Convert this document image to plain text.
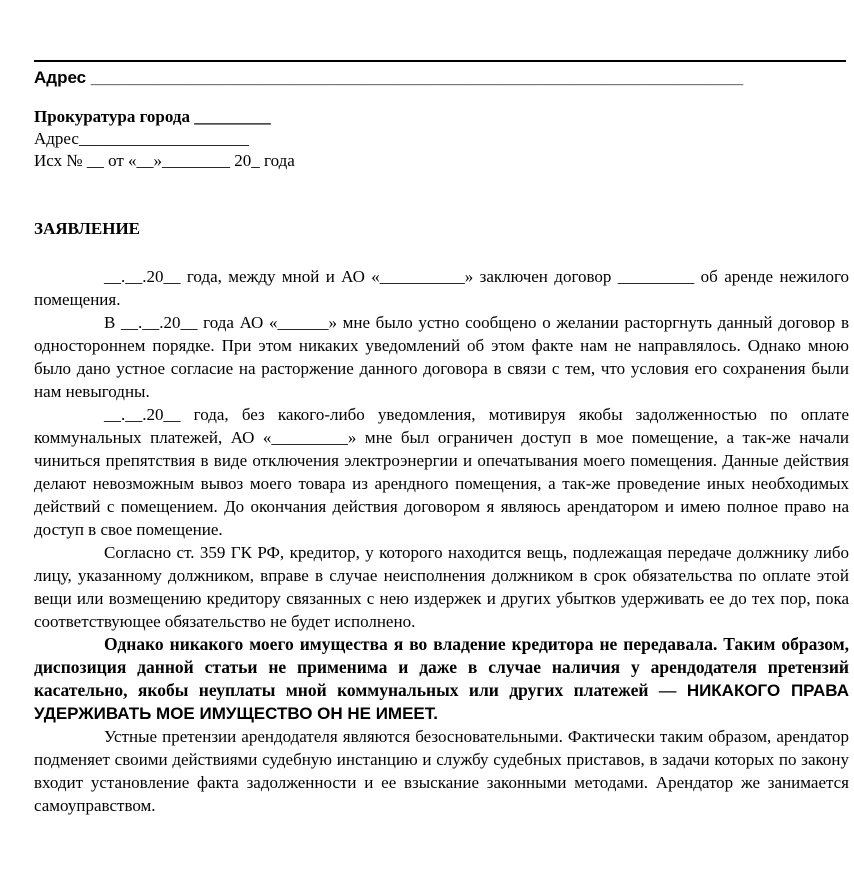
Адрес _____________________________________________________________________
Прокуратура города _________
Адрес____________________
Исх № __ от «__»________ 20_ года
ЗАЯВЛЕНИЕ

__.__.20__ года, между мной и АО «__________» заключен договор _________ об аренде нежилого помещения.

В __.__.20__ года АО «______» мне было устно сообщено о желании расторгнуть данный договор в одностороннем порядке. При этом никаких уведомлений об этом факте нам не направлялось. Однако мною было дано устное согласие на расторжение данного договора в связи с тем, что условия его сохранения были нам невыгодны.

__.__.20__ года, без какого-либо уведомления, мотивируя якобы задолженностью по оплате коммунальных платежей, АО «_________» мне был ограничен доступ в мое помещение, а так-же начали чиниться препятствия в виде отключения электроэнергии и опечатывания моего помещения. Данные действия делают невозможным вывоз моего товара из арендного помещения, а так-же проведение иных необходимых действий с помещением. До окончания действия договором я являюсь арендатором и имею полное право на доступ в свое помещение.

Согласно ст. 359 ГК РФ, кредитор, у которого находится вещь, подлежащая передаче должнику либо лицу, указанному должником, вправе в случае неисполнения должником в срок обязательства по оплате этой вещи или возмещению кредитору связанных с нею издержек и других убытков удерживать ее до тех пор, пока соответствующее обязательство не будет исполнено.

Однако никакого моего имущества я во владение кредитора не передавала. Таким образом, диспозиция данной статьи не применима и даже в случае наличия у арендодателя претензий касательно, якобы неуплаты мной коммунальных или других платежей — НИКАКОГО ПРАВА УДЕРЖИВАТЬ МОЕ ИМУЩЕСТВО ОН НЕ ИМЕЕТ.

Устные претензии арендодателя являются безосновательными. Фактически таким образом, арендатор подменяет своими действиями судебную инстанцию и службу судебных приставов, в задачи которых по закону входит установление факта задолженности и ее взыскание законными методами. Арендатор же занимается самоуправством.
